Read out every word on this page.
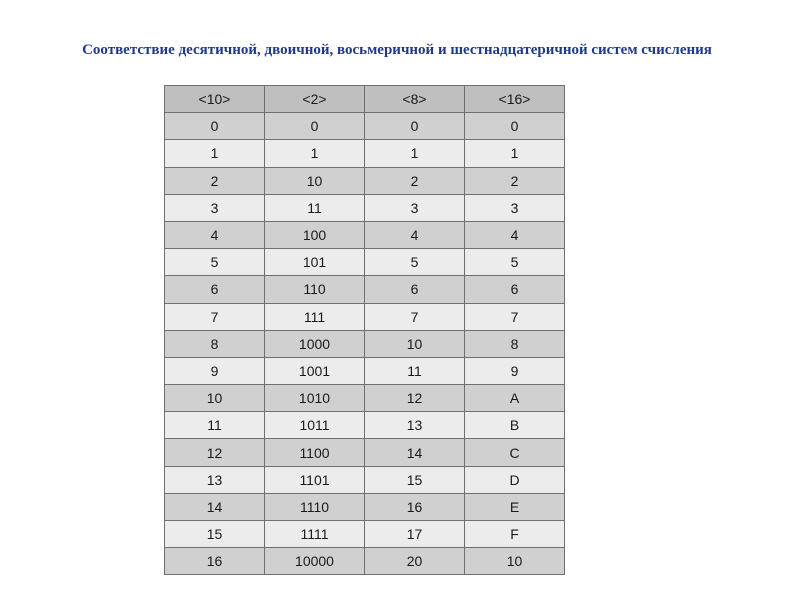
Соответствие десятичной, двоичной, восьмеричной и шестнадцатеричной систем счисления
<10>	<2>	<8>	<16>
0	0	0	0
1	1	1	1
2	10	2	2
3	11	3	3
4	100	4	4
5	101	5	5
6	110	6	6
7	111	7	7
8	1000	10	8
9	1001	11	9
10	1010	12	A
11	1011	13	B
12	1100	14	C
13	1101	15	D
14	1110	16	E
15	1111	17	F
16	10000	20	10
